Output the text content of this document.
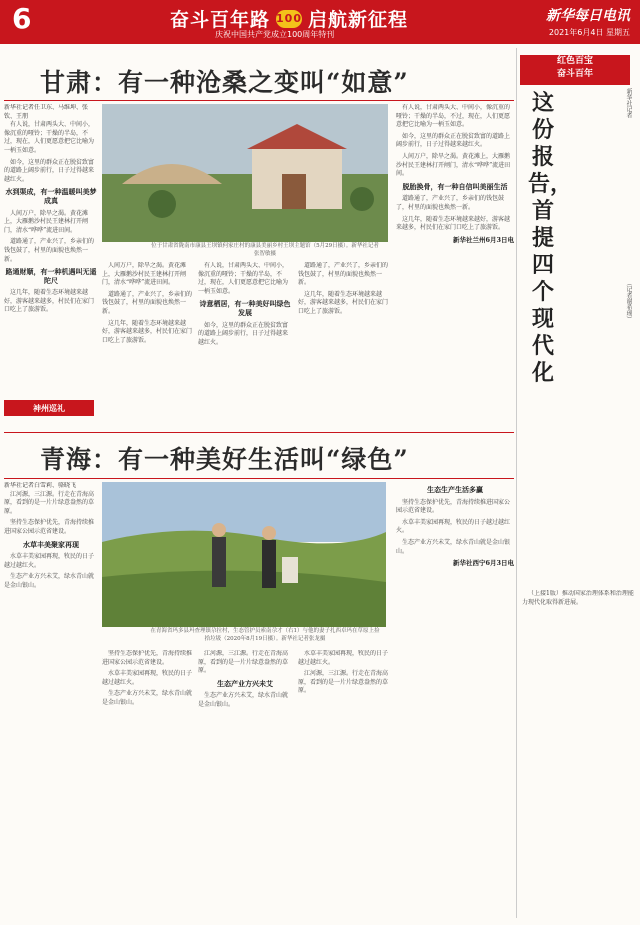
6	奋斗百年路 100 启航新征程
庆祝中国共产党成立100周年特刊
新华每日电讯
2021年6月4日 星期五
甘肃：有一种沧桑之变叫“如意”
新华社记者任卫东、马维坤、张钦、王朋

有人说，甘肃两头大、中间小，像沉重的哑铃；干燥的半岛，不过，现在，人们更愿意把它比喻为一柄玉如意。

如今，这里的群众正在脱贫致富的道路上阔步前行，日子过得越来越红火。

水到渠成，有一种温暖叫美梦成真

人间万户，除旱之渴。黄花滩上，大雁鹅沙村民王建林打开闸门，清水“哗哗”流进田间。

道路通了，产业兴了，乡亲们的钱包鼓了，村里的面貌也焕然一新。

路通财顺，有一种机遇叫无遥陀尺

这几年，随着生态环境越来越好，游客越来越多，村民们在家门口吃上了旅游饭。

神州巡礼
位于甘肃省陇南市康县王坝镇何家庄村的康县美丽乡村王坝主题馆（5月29日摄）。新华社记者张智敏摄

人间万户，除旱之渴。黄花滩上，大雁鹅沙村民王建林打开闸门，清水“哗哗”流进田间。

道路通了，产业兴了，乡亲们的钱包鼓了，村里的面貌也焕然一新。

这几年，随着生态环境越来越好，游客越来越多，村民们在家门口吃上了旅游饭。

有人说，甘肃两头大、中间小，像沉重的哑铃；干燥的半岛，不过，现在，人们更愿意把它比喻为一柄玉如意。

诗意栖居，有一种美好叫绿色发展

如今，这里的群众正在脱贫致富的道路上阔步前行，日子过得越来越红火。

道路通了，产业兴了，乡亲们的钱包鼓了，村里的面貌也焕然一新。

这几年，随着生态环境越来越好，游客越来越多，村民们在家门口吃上了旅游饭。

有人说，甘肃两头大、中间小，像沉重的哑铃；干燥的半岛，不过，现在，人们更愿意把它比喻为一柄玉如意。

如今，这里的群众正在脱贫致富的道路上阔步前行，日子过得越来越红火。

人间万户，除旱之渴。黄花滩上，大雁鹅沙村民王建林打开闸门，清水“哗哗”流进田间。

脱胎换骨，有一种自信叫美丽生活

道路通了，产业兴了，乡亲们的钱包鼓了，村里的面貌也焕然一新。

这几年，随着生态环境越来越好，游客越来越多，村民们在家门口吃上了旅游饭。

新华社兰州6月3日电
青海：有一种美好生活叫“绿色”
新华社记者白雪莉、骆晓飞

江河源，三江源。行走在青海高原，看到的是一片片绿意盎然的草原。

坚持生态保护优先，青海持续推进国家公园示范省建设。

水草丰美聚家再现

水草丰美家园再现，牧民的日子越过越红火。

生态产业方兴未艾，绿水青山就是金山银山。

在青海省玛多县玛查理镇尕拉村，生态管护员索南尕才（右1）与他的妻子扎西卓玛在草原上捡拾垃圾（2020年8月19日摄）。新华社记者张龙摄

坚持生态保护优先，青海持续推进国家公园示范省建设。

水草丰美家园再现，牧民的日子越过越红火。

生态产业方兴未艾，绿水青山就是金山银山。

江河源，三江源。行走在青海高原，看到的是一片片绿意盎然的草原。

生态产业方兴未艾

生态产业方兴未艾，绿水青山就是金山银山。

水草丰美家园再现，牧民的日子越过越红火。

江河源，三江源。行走在青海高原，看到的是一片片绿意盎然的草原。

生态生产生活多赢

坚持生态保护优先，青海持续推进国家公园示范省建设。

水草丰美家园再现，牧民的日子越过越红火。

生态产业方兴未艾，绿水青山就是金山银山。

新华社西宁6月3日电
红色百宝
奋斗百年
这份报告，首提四个现代化
新华社记者
（记者谢希瑶）

（上接1版）推动国家治理体系和治理能力现代化取得新进展。
